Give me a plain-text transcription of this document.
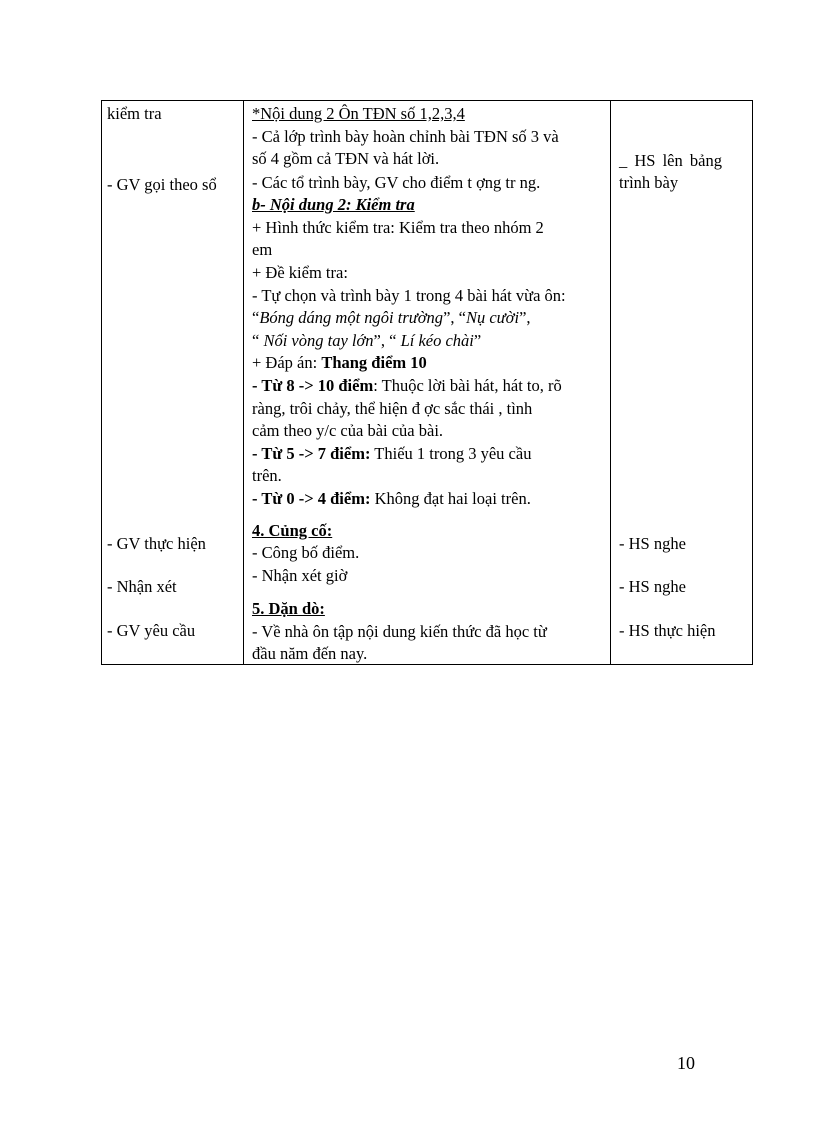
kiểm tra
- GV gọi theo sổ
- GV thực hiện
- Nhận xét
- GV yêu cầu
*Nội dung 2 Ôn TĐN số 1,2,3,4
- Cả lớp trình bày hoàn chỉnh bài TĐN số 3 và
số 4 gồm cả TĐN và hát lời.
- Các tổ trình bày, GV cho điểm t ợng tr ng.
b- Nội dung 2: Kiểm tra
+ Hình thức kiểm tra: Kiểm tra theo nhóm 2
em
+ Đề kiểm tra:
- Tự chọn và trình bày 1 trong 4 bài hát vừa ôn:
“Bóng dáng một ngôi trường”, “Nụ cười”,
“ Nối vòng tay lớn”, “ Lí kéo chài”
+ Đáp án: Thang điểm 10
- Từ 8 -> 10 điểm: Thuộc lời bài hát, hát to, rõ
ràng, trôi chảy, thể hiện đ ợc sắc thái , tình
cảm theo y/c của bài của bài.
- Từ 5 -> 7 điểm: Thiếu 1 trong 3 yêu cầu
trên.
- Từ 0 -> 4 điểm: Không đạt hai loại trên.
4. Củng cố:
- Công bố điểm.
- Nhận xét giờ
5. Dặn dò:
- Về nhà ôn tập nội dung kiến thức đã học từ
đầu năm đến nay.
_ HS lên bảng
trình bày
- HS nghe
- HS nghe
- HS thực hiện
10
